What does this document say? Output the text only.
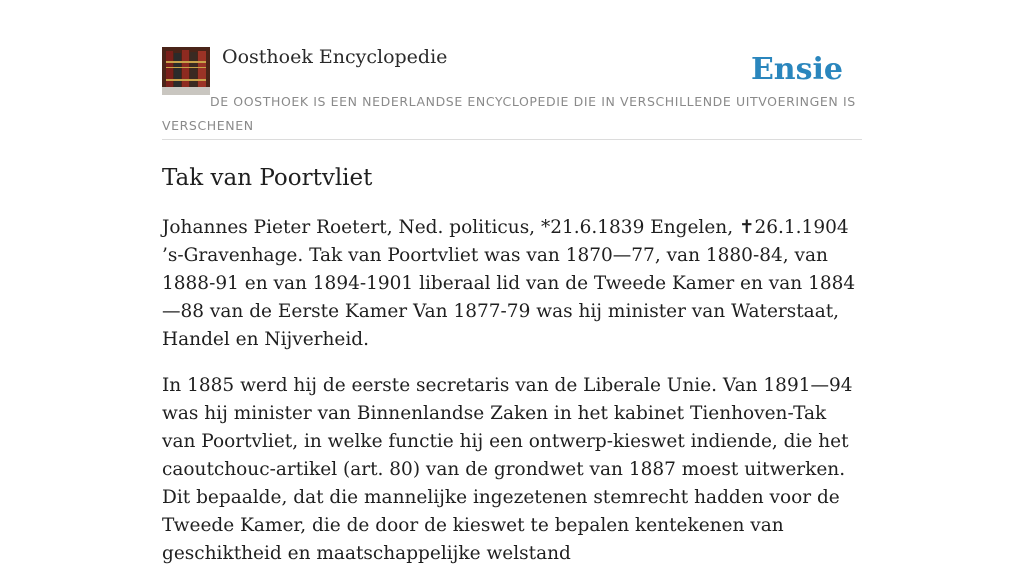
Oosthoek Encyclopedie	Ensie

DE OOSTHOEK IS EEN NEDERLANDSE ENCYCLOPEDIE DIE IN VERSCHILLENDE UITVOERINGEN IS VERSCHENEN

Tak van Poortvliet

Johannes Pieter Roetert, Ned. politicus, *21.6.1839 Engelen, ✝26.1.1904 ’s-Gravenhage. Tak van Poortvliet was van 1870—77, van 1880-84, van 1888-91 en van 1894-1901 liberaal lid van de Tweede Kamer en van 1884—88 van de Eerste Kamer Van 1877-79 was hij minister van Waterstaat, Handel en Nijverheid.

In 1885 werd hij de eerste secretaris van de Liberale Unie. Van 1891—94 was hij minister van Binnenlandse Zaken in het kabinet Tienhoven-Tak van Poortvliet, in welke functie hij een ontwerp-kieswet indiende, die het caoutchouc-artikel (art. 80) van de grondwet van 1887 moest uitwerken. Dit bepaalde, dat die mannelijke ingezetenen stemrecht hadden voor de Tweede Kamer, die de door de kieswet te bepalen kentekenen van geschiktheid en maatschappelijke welstand
